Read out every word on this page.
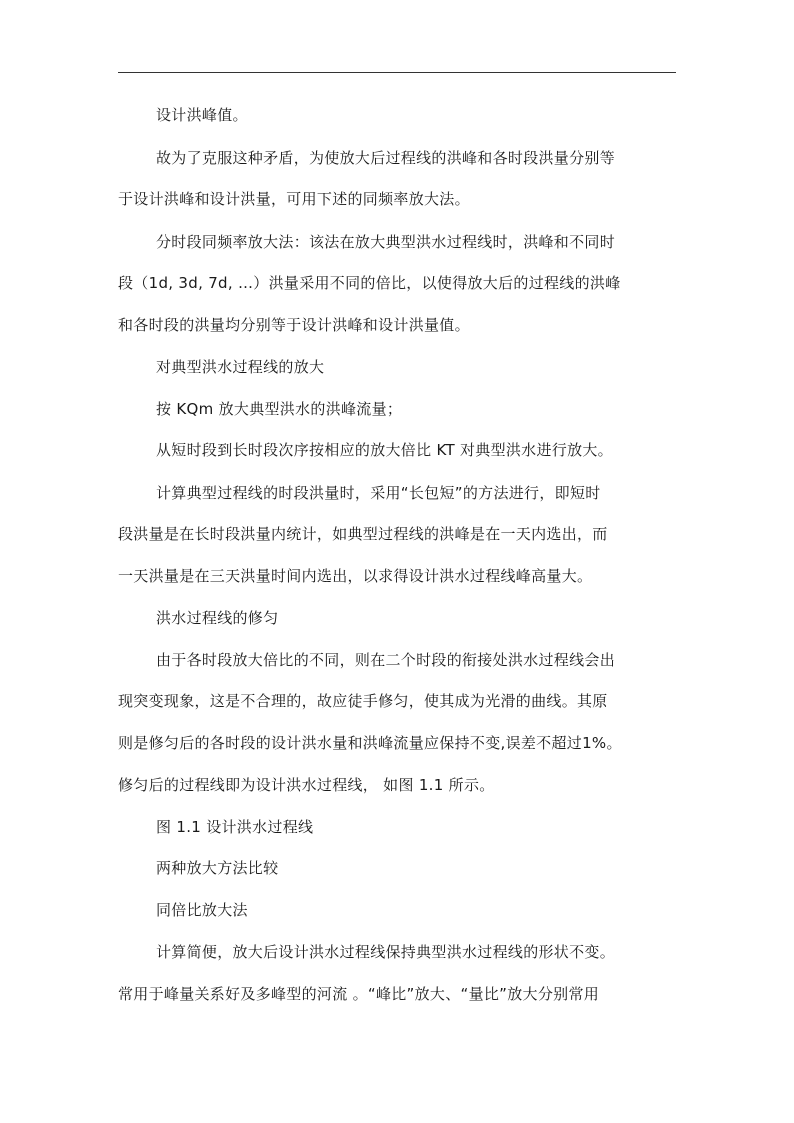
设计洪峰值。
故为了克服这种矛盾，为使放大后过程线的洪峰和各时段洪量分别等
于设计洪峰和设计洪量，可用下述的同频率放大法。
分时段同频率放大法：该法在放大典型洪水过程线时，洪峰和不同时
段（1d, 3d, 7d, …）洪量采用不同的倍比，以使得放大后的过程线的洪峰
和各时段的洪量均分别等于设计洪峰和设计洪量值。
对典型洪水过程线的放大
按 KQm 放大典型洪水的洪峰流量；
从短时段到长时段次序按相应的放大倍比 KT 对典型洪水进行放大。
计算典型过程线的时段洪量时，采用“长包短”的方法进行，即短时
段洪量是在长时段洪量内统计，如典型过程线的洪峰是在一天内选出，而
一天洪量是在三天洪量时间内选出，以求得设计洪水过程线峰高量大。
洪水过程线的修匀
由于各时段放大倍比的不同，则在二个时段的衔接处洪水过程线会出
现突变现象，这是不合理的，故应徒手修匀，使其成为光滑的曲线。其原
则是修匀后的各时段的设计洪水量和洪峰流量应保持不变,误差不超过1%。
修匀后的过程线即为设计洪水过程线， 如图 1.1 所示。
图 1.1 设计洪水过程线
两种放大方法比较
同倍比放大法
计算简便，放大后设计洪水过程线保持典型洪水过程线的形状不变。
常用于峰量关系好及多峰型的河流 。“峰比”放大、“量比”放大分别常用
